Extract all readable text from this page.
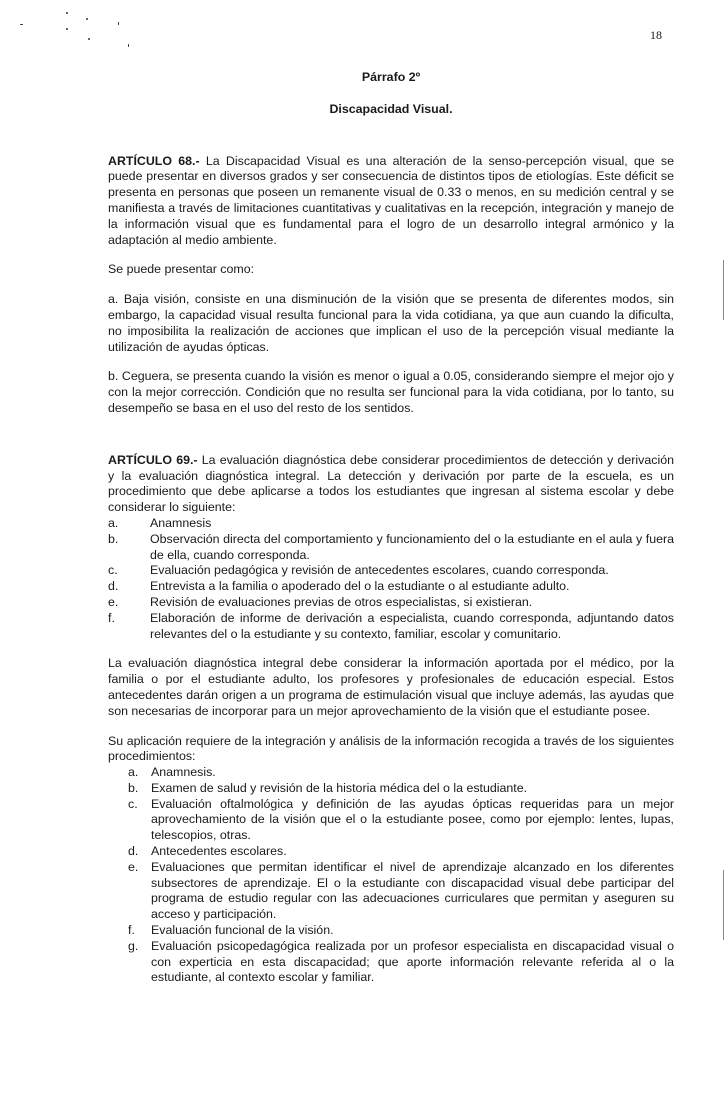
18
Párrafo 2º
Discapacidad Visual.

ARTÍCULO 68.- La Discapacidad Visual es una alteración de la senso-percepción visual, que se puede presentar en diversos grados y ser consecuencia de distintos tipos de etiologías. Este déficit se presenta en personas que poseen un remanente visual de 0.33 o menos, en su medición central y se manifiesta a través de limitaciones cuantitativas y cualitativas en la recepción, integración y manejo de la información visual que es fundamental para el logro de un desarrollo integral armónico y la adaptación al medio ambiente.

Se puede presentar como:

a. Baja visión, consiste en una disminución de la visión que se presenta de diferentes modos, sin embargo, la capacidad visual resulta funcional para la vida cotidiana, ya que aun cuando la dificulta, no imposibilita la realización de acciones que implican el uso de la percepción visual mediante la utilización de ayudas ópticas.

b. Ceguera, se presenta cuando la visión es menor o igual a 0.05, considerando siempre el mejor ojo y con la mejor corrección. Condición que no resulta ser funcional para la vida cotidiana, por lo tanto, su desempeño se basa en el uso del resto de los sentidos.

ARTÍCULO 69.- La evaluación diagnóstica debe considerar procedimientos de detección y derivación y la evaluación diagnóstica integral. La detección y derivación por parte de la escuela, es un procedimiento que debe aplicarse a todos los estudiantes que ingresan al sistema escolar y debe considerar lo siguiente:

a.	Anamnesis
b.	Observación directa del comportamiento y funcionamiento del o la estudiante en el aula y fuera de ella, cuando corresponda.
c.	Evaluación pedagógica y revisión de antecedentes escolares, cuando corresponda.
d.	Entrevista a la familia o apoderado del o la estudiante o al estudiante adulto.
e.	Revisión de evaluaciones previas de otros especialistas, si existieran.
f.	Elaboración de informe de derivación a especialista, cuando corresponda, adjuntando datos relevantes del o la estudiante y su contexto, familiar, escolar y comunitario.

La evaluación diagnóstica integral debe considerar la información aportada por el médico, por la familia o por el estudiante adulto, los profesores y profesionales de educación especial. Estos antecedentes darán origen a un programa de estimulación visual que incluye además, las ayudas que son necesarias de incorporar para un mejor aprovechamiento de la visión que el estudiante posee.

Su aplicación requiere de la integración y análisis de la información recogida a través de los siguientes procedimientos:

a. Anamnesis.
b. Examen de salud y revisión de la historia médica del o la estudiante.
c. Evaluación oftalmológica y definición de las ayudas ópticas requeridas para un mejor aprovechamiento de la visión que el o la estudiante posee, como por ejemplo: lentes, lupas, telescopios, otras.
d. Antecedentes escolares.
e. Evaluaciones que permitan identificar el nivel de aprendizaje alcanzado en los diferentes subsectores de aprendizaje. El o la estudiante con discapacidad visual debe participar del programa de estudio regular con las adecuaciones curriculares que permitan y aseguren su acceso y participación.
f. Evaluación funcional de la visión.
g. Evaluación psicopedagógica realizada por un profesor especialista en discapacidad visual o con experticia en esta discapacidad; que aporte información relevante referida al o la estudiante, al contexto escolar y familiar.
